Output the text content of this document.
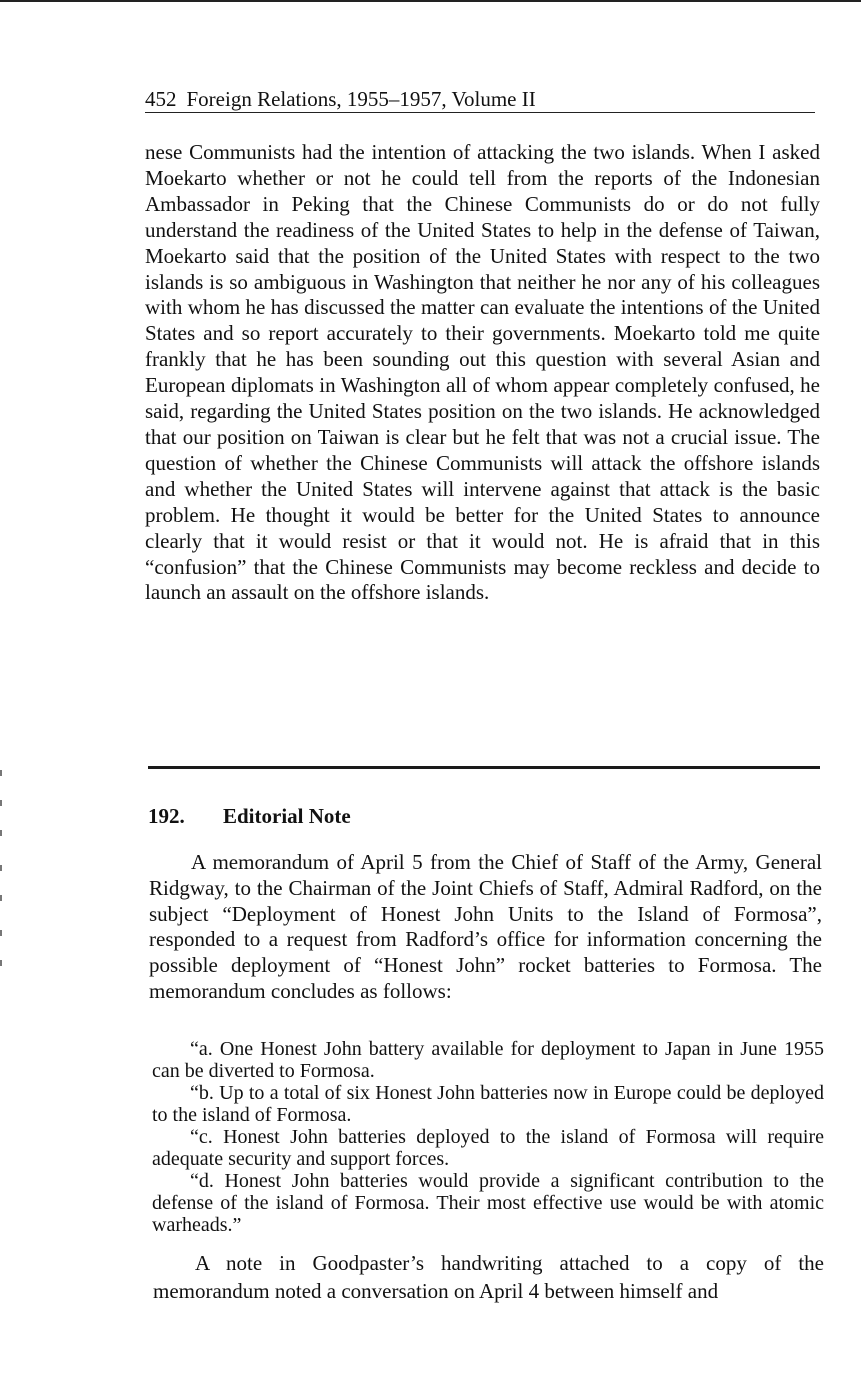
452 Foreign Relations, 1955–1957, Volume II

nese Communists had the intention of attacking the two islands. When I asked Moekarto whether or not he could tell from the reports of the Indonesian Ambassador in Peking that the Chinese Communists do or do not fully understand the readiness of the United States to help in the defense of Taiwan, Moekarto said that the position of the United States with respect to the two islands is so ambiguous in Washington that neither he nor any of his colleagues with whom he has discussed the matter can evaluate the intentions of the United States and so report accurately to their governments. Moekarto told me quite frankly that he has been sounding out this question with several Asian and European diplomats in Washington all of whom appear completely confused, he said, regarding the United States position on the two islands. He acknowledged that our position on Taiwan is clear but he felt that was not a crucial issue. The question of whether the Chinese Communists will attack the offshore islands and whether the United States will intervene against that attack is the basic problem. He thought it would be better for the United States to announce clearly that it would resist or that it would not. He is afraid that in this “confusion” that the Chinese Communists may become reckless and decide to launch an assault on the offshore islands.

192. Editorial Note

A memorandum of April 5 from the Chief of Staff of the Army, General Ridgway, to the Chairman of the Joint Chiefs of Staff, Admiral Radford, on the subject “Deployment of Honest John Units to the Island of Formosa”, responded to a request from Radford’s office for information concerning the possible deployment of “Honest John” rocket batteries to Formosa. The memorandum concludes as follows:

“a. One Honest John battery available for deployment to Japan in June 1955 can be diverted to Formosa.

“b. Up to a total of six Honest John batteries now in Europe could be deployed to the island of Formosa.

“c. Honest John batteries deployed to the island of Formosa will require adequate security and support forces.

“d. Honest John batteries would provide a significant contribution to the defense of the island of Formosa. Their most effective use would be with atomic warheads.”

A note in Goodpaster’s handwriting attached to a copy of the memorandum noted a conversation on April 4 between himself and
